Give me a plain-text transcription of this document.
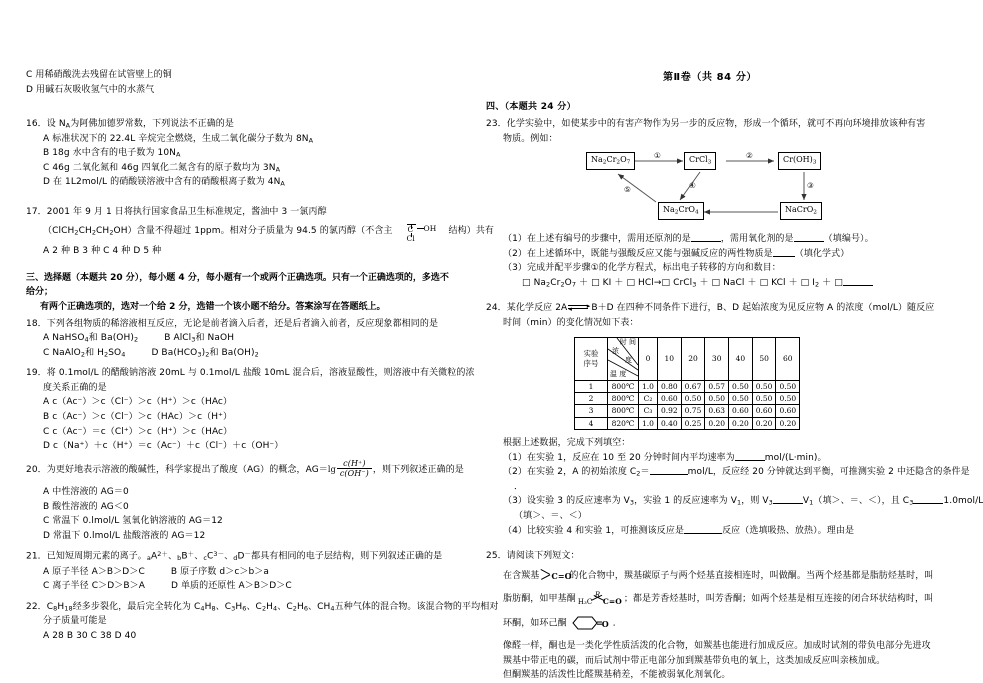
C 用稀硝酸洗去残留在试管壁上的铜
D 用碱石灰吸收氢气中的水蒸气
16．设 $N_A$为阿佛加德罗常数，下列说法不正确的是
A 标准状况下的 22.4L 辛烷完全燃烧，生成二氧化碳分子数为 $8N_A$
B 18g 水中含有的电子数为 $10N_A$
C 46g 二氧化氮和 46g 四氧化二氮含有的原子数均为 $3N_A$
D 在 1L2mol/L 的硝酸镁溶液中含有的硝酸根离子数为 $4N_A$
17．2001 年 9 月 1 日将执行国家食品卫生标准规定，酱油中 3 一氯丙醇
$(ClCH_2CH_2CH_2OH)$含量不得超过 1ppm。相对分子质量为 94.5 的氯丙醇（不含主 C OH
Cl
结构）共有
A 2 种 B 3 种 C 4 种 D 5 种
三、选择题（本题共 20 分），每小题 4 分，每小题有一个或两个正确选项。只有一个正确选项的，多选不给分；
有两个正确选项的，选对一个给 2 分，选错一个该小题不给分。答案涂写在答题纸上。
18．下列各组物质的稀溶液相互反应，无论是前者滴入后者，还是后者滴入前者，反应现象都相同的是
A NaHSO$_4$和 $Ba(OH)_2$	B AlCl$_3$和 NaOH
C NaAlO$_2$和 $H_2SO_4$	D $Ba(HCO_3)_2$和 $Ba(OH)_2$
19．将 0.1mol/L 的醋酸钠溶液 20mL 与 0.1mol/L 盐酸 10mL 混合后，溶液显酸性，则溶液中有关微粒的浓
度关系正确的是
A c（Ac⁻）＞c（Cl⁻）＞c（H⁺）＞c（HAc）
B c（Ac⁻）＞c（Cl⁻）＞c（HAc）＞c（H⁺）
C c（Ac⁻）＝c（Cl⁺）＞c（H⁺）＞c（HAc）
D c（Na⁺）＋c（H⁺）＝c（Ac⁻）＋c（Cl⁻）＋c（OH⁻）
20．为更好地表示溶液的酸碱性，科学家提出了酸度（AG）的概念，$AG=\lg \frac{c(H^+)}{c(OH^-)}$ ，则下列叙述正确的是
A 中性溶液的 AG＝0
B 酸性溶液的 AG＜0
C 常温下 0.lmol/L 氢氧化钠溶液的 AG＝12
D 常温下 0.lmol/L 盐酸溶液的 AG＝12
21．已知短周期元素的离子。$_aA^{2+}$、$_b$B＋、$_cC^{3-}$、$_d$D－都具有相同的电子层结构，则下列叙述正确的是
A 原子半径 A＞B＞D＞C	B 原子序数 d＞c＞b＞a
C 离子半径 C＞D＞B＞A	D 单质的还原性 A＞B＞D＞C
22．$C_8H_{18}$经多步裂化，最后完全转化为 $C_4H_8$、$C_3H_6$、$C_2H_4$、$C_2H_6$、$CH_4$五种气体的混合物。该混合物的平均相对
分子质量可能是
A 28 B 30 C 38 D 40
第Ⅱ卷（共 84 分）
四、（本题共 24 分）
23．化学实验中，如使某步中的有害产物作为另一步的反应物，形成一个循环，就可不再向环境排放该种有害
物质。例如：
$Na_2Cr_2O_7$	CrCl$_3$	$Cr(OH)_3$
NaCrO$_2$
$Na_2CrO_4$
①	②
③
④
⑤
（1）在上述有编号的步骤中，需用还原剂的是	，需用氧化剂的是	（填编号）。
（2）在上述循环中，既能与强酸反应又能与强碱反应的两性物质是 （填化学式）
（3）完成并配平步骤①的化学方程式，标出电子转移的方向和数目：
□ $Na_2Cr_2O_7$ ＋ □ KI ＋ □ HCl→□ CrCl$_3$ ＋ □ NaCl ＋ □ KCl ＋ □ $I_2$ ＋ □
24．某化学反应 2A	▸
◂ B＋D 在四种不同条件下进行，B、D 起始浓度为见反应物 A 的浓度（mol/L）随反应
时间（min）的变化情况如下表：
实验
序号	时 间
浓
度
温 度	0	10	20	30	40	50	60
1	800℃	1.0	0.80	0.67	0.57	0.50	0.50	0.50
2	800℃	C₂	0.60	0.50	0.50	0.50	0.50	0.50
3	800℃	C₃	0.92	0.75	0.63	0.60	0.60	0.60
4	820℃	1.0	0.40	0.25	0.20	0.20	0.20	0.20
根据上述数据，完成下列填空：
（1）在实验 1，反应在 10 至 20 分钟时间内平均速率为	mol/(L·min)。
（2）在实验 2，A 的初始浓度 $C_2=$	mol/L，反应经 20 分钟就达到平衡，可推测实验 2 中还隐含的条件是
．
（3）设实验 3 的反应速率为 $V_3$，实验 1 的反应速率为 $V_1$，则 $V_3$	$V_1$（填＞、＝、＜），且 $C_3$	1.0mol/L
（填＞、＝、＜）
（4）比较实验 4 和实验 1，可推测该反应是	反应（选填吸热、放热）。理由是
25．请阅读下列短文：
在含羰基 C=O
的化合物中，羰基碳原子与两个烃基直接相连时，叫做酮。当两个烃基都是脂肪烃基时，叫
脂肪酮，如甲基酮 H₃C
R
C=O ；都是芳香烃基时，叫芳香酮；如两个烃基是相互连接的闭合环状结构时，叫
环酮，如环己酮	O ．
像醛一样，酮也是一类化学性质活泼的化合物，如羰基也能进行加成反应。加成时试剂的带负电部分先进攻
羰基中带正电的碳，而后试剂中带正电部分加到羰基带负电的氧上，这类加成反应叫亲核加成。
但酮羰基的活泼性比醛羰基稍差，不能被弱氧化剂氧化。
